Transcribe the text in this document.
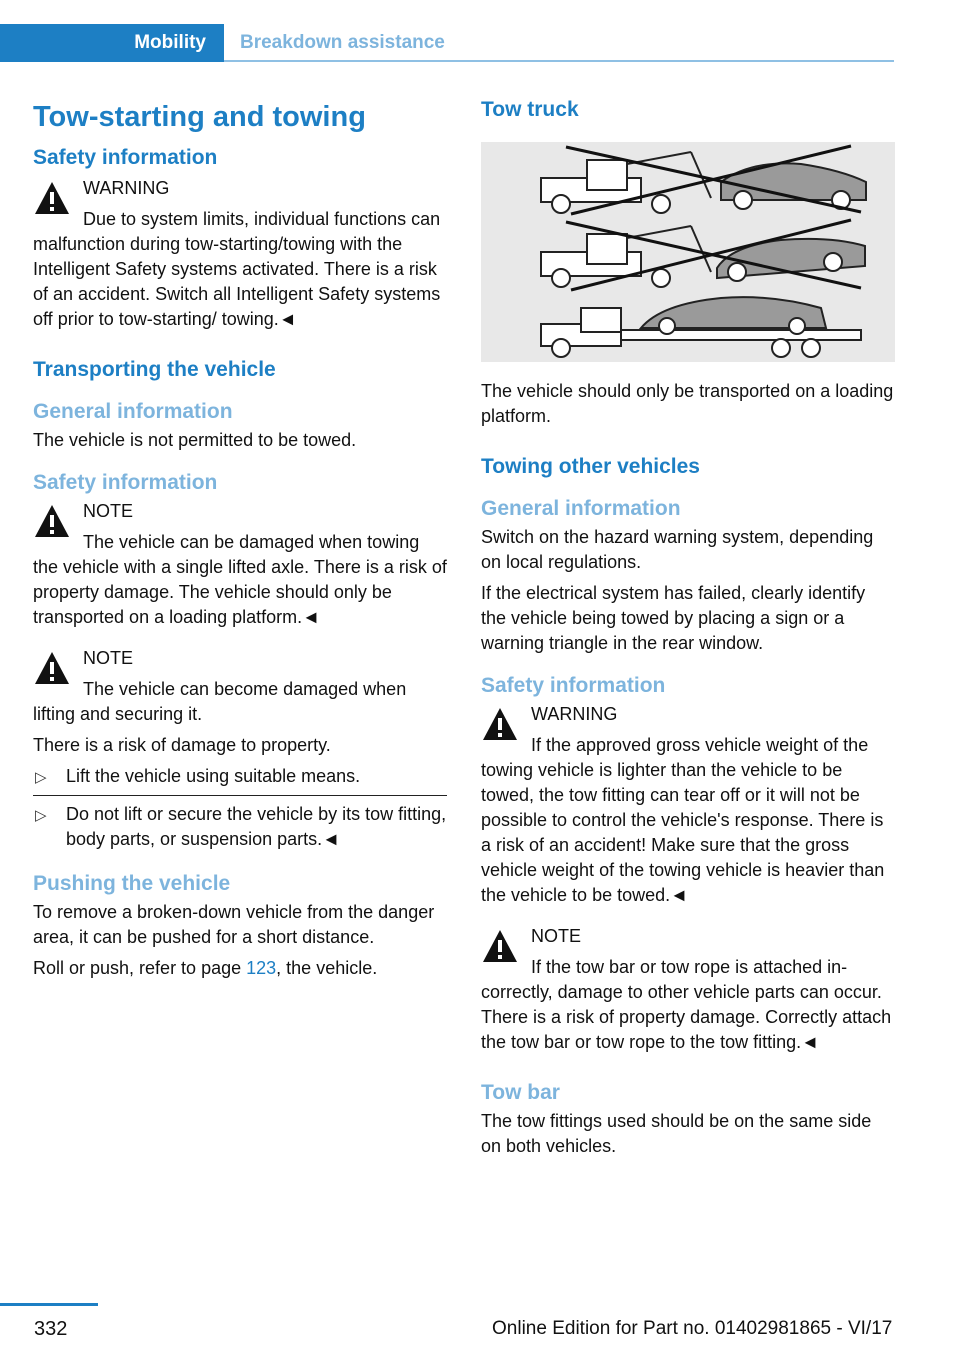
Mobility	Breakdown assistance
Tow-starting and towing
Safety information
WARNING
Due to system limits, individual functions can malfunction during tow-starting/towing with the Intelligent Safety systems activated. There is a risk of an accident. Switch all Intelligent Safety systems off prior to tow-starting/ towing.◄
Transporting the vehicle
General information

The vehicle is not permitted to be towed.

Safety information
NOTE
The vehicle can be damaged when towing the vehicle with a single lifted axle. There is a risk of property damage. The vehicle should only be transported on a loading platform.◄
NOTE
The vehicle can become damaged when lifting and securing it.

There is a risk of damage to property.

▷ Lift the vehicle using suitable means.
▷ Do not lift or secure the vehicle by its tow fitting, body parts, or suspension parts.◄
Pushing the vehicle

To remove a broken-down vehicle from the danger area, it can be pushed for a short distance.

Roll or push, refer to page 123, the vehicle.

Tow truck

The vehicle should only be transported on a loading platform.

Towing other vehicles
General information

Switch on the hazard warning system, depending on local regulations.

If the electrical system has failed, clearly identify the vehicle being towed by placing a sign or a warning triangle in the rear window.

Safety information
WARNING
If the approved gross vehicle weight of the towing vehicle is lighter than the vehicle to be towed, the tow fitting can tear off or it will not be possible to control the vehicle's response. There is a risk of an accident! Make sure that the gross vehicle weight of the towing vehicle is heavier than the vehicle to be towed.◄
NOTE
If the tow bar or tow rope is attached incorrectly, damage to other vehicle parts can occur. There is a risk of property damage. Correctly attach the tow bar or tow rope to the tow fitting.◄
Tow bar

The tow fittings used should be on the same side on both vehicles.

332	Online Edition for Part no. 01402981865 - VI/17
